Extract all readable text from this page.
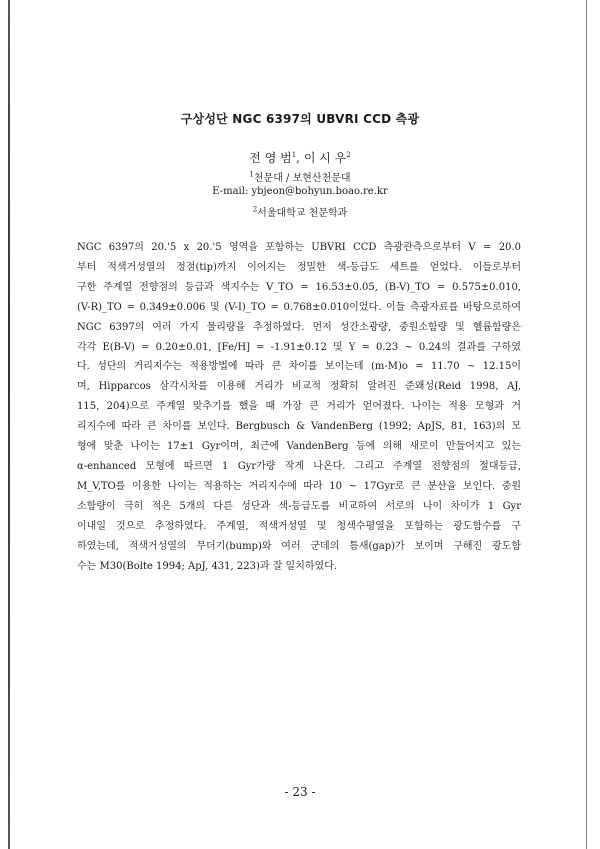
구상성단 NGC 6397의 UBVRI CCD 측광
전 영 범$^1$, 이 시 우$^2$
$^1$천문대 / 보현산천문대
E-mail: ybjeon@bohyun.boao.re.kr
$^2$서울대학교 천문학과
NGC 6397의 20.'5 x 20.'5 영역을 포함하는 UBVRI CCD 측광관측으로부터 V = 20.0
부터 적색거성열의 정점(tip)까지 이어지는 정밀한 색-등급도 세트를 얻었다. 이들로부터
구한 주계열 전향점의 등급과 색지수는 V_TO = 16.53±0.05, (B-V)_TO = 0.575±0.010,
(V-R)_TO = 0.349±0.006 및 (V-I)_TO = 0.768±0.010이었다. 이들 측광자료를 바탕으로하여
NGC 6397의 여러 가지 물리량을 추정하였다. 먼저 성간소광량, 중원소함량 및 헬륨함량은
각각 E(B-V) = 0.20±0.01, [Fe/H] = -1.91±0.12 및 Y = 0.23 ~ 0.24의 결과를 구하였
다. 성단의 거리지수는 적용방법에 따라 큰 차이를 보이는데 (m-M)o = 11.70 ~ 12.15이
며, Hipparcos 삼각시차를 이용해 거리가 비교적 정확히 알려진 준왜성(Reid 1998, AJ,
115, 204)으로 주계열 맞추기를 했을 때 가장 큰 거리가 얻어졌다. 나이는 적용 모형과 거
리지수에 따라 큰 차이를 보인다. Bergbusch & VandenBerg (1992; ApJS, 81, 163)의 모
형에 맞춘 나이는 17±1 Gyr이며, 최근에 VandenBerg 등에 의해 새로이 만들어지고 있는
α-enhanced 모형에 따르면 1 Gyr가량 작게 나온다. 그리고 주계열 전향점의 절대등급,
M_V,TO를 이용한 나이는 적용하는 거리지수에 따라 10 ~ 17Gyr로 큰 분산을 보인다. 중원
소함량이 극히 적은 5개의 다른 성단과 색-등급도를 비교하여 서로의 나이 차이가 1 Gyr
이내일 것으로 추정하였다. 주계열, 적색거성열 및 청색수평열을 포함하는 광도함수를 구
하였는데, 적색거성열의 무더기(bump)와 여러 군데의 틈새(gap)가 보이며 구해진 광도함
수는 M30(Bolte 1994; ApJ, 431, 223)과 잘 일치하였다.
- 23 -
